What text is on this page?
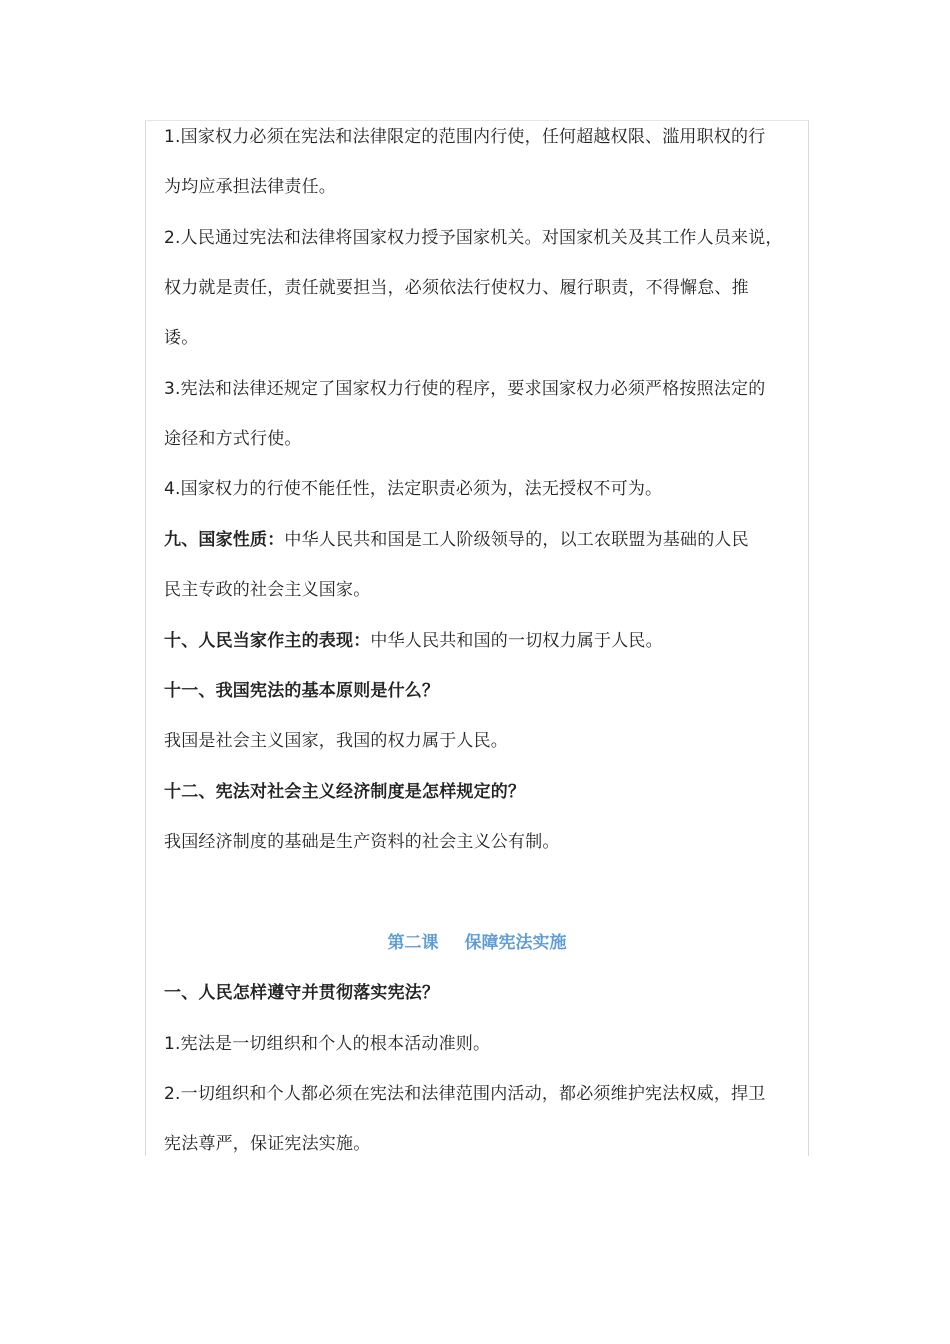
1.国家权力必须在宪法和法律限定的范围内行使，任何超越权限、滥用职权的行
为均应承担法律责任。
2.人民通过宪法和法律将国家权力授予国家机关。对国家机关及其工作人员来说，
权力就是责任，责任就要担当，必须依法行使权力、履行职责，不得懈怠、推
诿。
3.宪法和法律还规定了国家权力行使的程序，要求国家权力必须严格按照法定的
途径和方式行使。
4.国家权力的行使不能任性，法定职责必须为，法无授权不可为。
九、国家性质：中华人民共和国是工人阶级领导的，以工农联盟为基础的人民
民主专政的社会主义国家。
十、人民当家作主的表现：中华人民共和国的一切权力属于人民。
十一、我国宪法的基本原则是什么？
我国是社会主义国家，我国的权力属于人民。
十二、宪法对社会主义经济制度是怎样规定的？
我国经济制度的基础是生产资料的社会主义公有制。
第二课 保障宪法实施
一、人民怎样遵守并贯彻落实宪法？
1.宪法是一切组织和个人的根本活动准则。
2.一切组织和个人都必须在宪法和法律范围内活动，都必须维护宪法权威，捍卫
宪法尊严，保证宪法实施。
